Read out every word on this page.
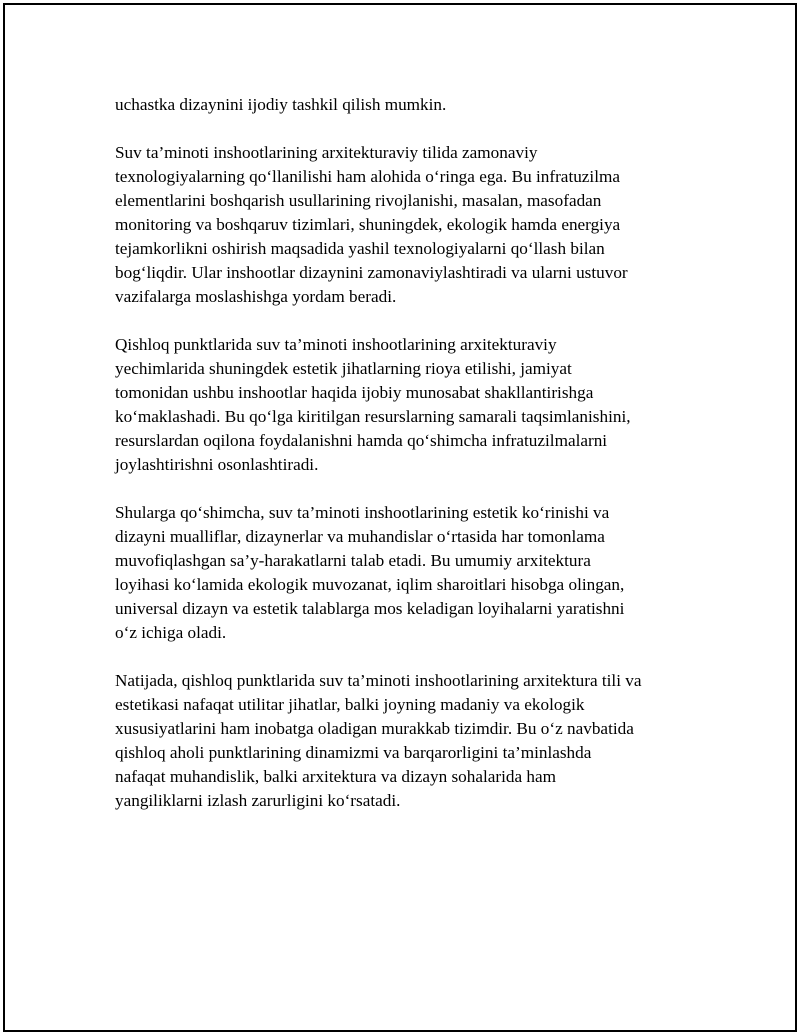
uchastka dizaynini ijodiy tashkil qilish mumkin.

Suv ta’minoti inshootlarining arxitekturaviy tilida zamonaviy
texnologiyalarning qo‘llanilishi ham alohida o‘ringa ega. Bu infratuzilma
elementlarini boshqarish usullarining rivojlanishi, masalan, masofadan
monitoring va boshqaruv tizimlari, shuningdek, ekologik hamda energiya
tejamkorlikni oshirish maqsadida yashil texnologiyalarni qo‘llash bilan
bog‘liqdir. Ular inshootlar dizaynini zamonaviylashtiradi va ularni ustuvor
vazifalarga moslashishga yordam beradi.

Qishloq punktlarida suv ta’minoti inshootlarining arxitekturaviy
yechimlarida shuningdek estetik jihatlarning rioya etilishi, jamiyat
tomonidan ushbu inshootlar haqida ijobiy munosabat shakllantirishga
ko‘maklashadi. Bu qo‘lga kiritilgan resurslarning samarali taqsimlanishini,
resurslardan oqilona foydalanishni hamda qo‘shimcha infratuzilmalarni
joylashtirishni osonlashtiradi.

Shularga qo‘shimcha, suv ta’minoti inshootlarining estetik ko‘rinishi va
dizayni mualliflar, dizaynerlar va muhandislar o‘rtasida har tomonlama
muvofiqlashgan sa’y-harakatlarni talab etadi. Bu umumiy arxitektura
loyihasi ko‘lamida ekologik muvozanat, iqlim sharoitlari hisobga olingan,
universal dizayn va estetik talablarga mos keladigan loyihalarni yaratishni
o‘z ichiga oladi.

Natijada, qishloq punktlarida suv ta’minoti inshootlarining arxitektura tili va
estetikasi nafaqat utilitar jihatlar, balki joyning madaniy va ekologik
xususiyatlarini ham inobatga oladigan murakkab tizimdir. Bu o‘z navbatida
qishloq aholi punktlarining dinamizmi va barqarorligini ta’minlashda
nafaqat muhandislik, balki arxitektura va dizayn sohalarida ham
yangiliklarni izlash zarurligini ko‘rsatadi.
